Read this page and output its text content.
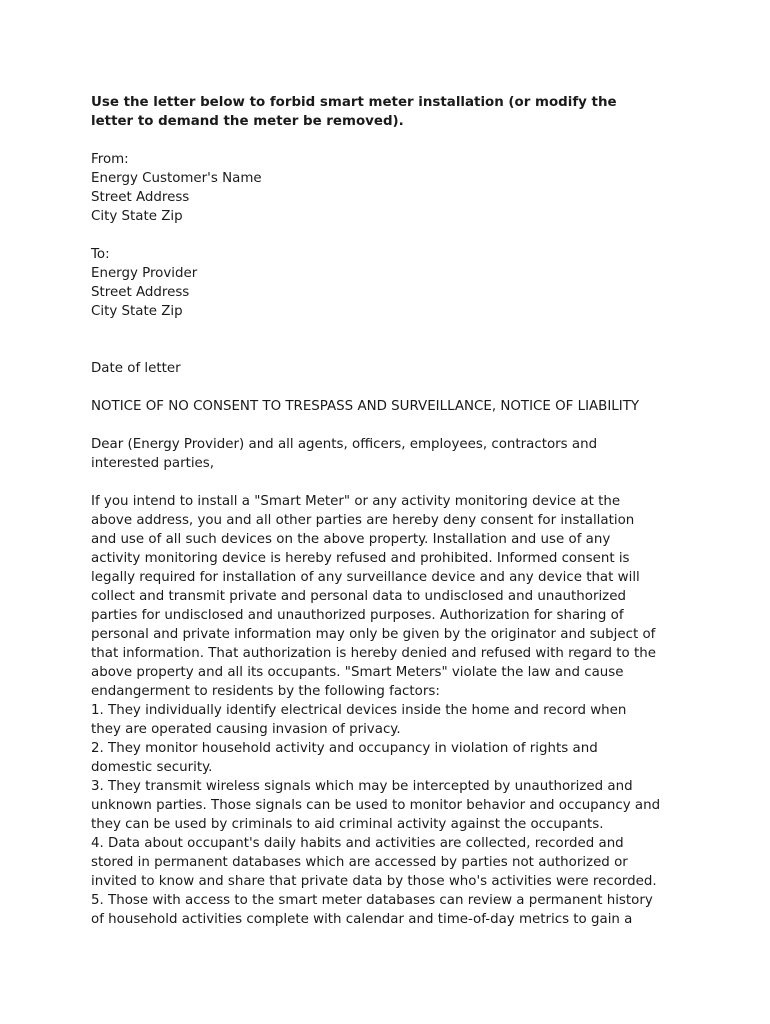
Use the letter below to forbid smart meter installation (or modify the
letter to demand the meter be removed).
From:
Energy Customer's Name
Street Address
City State Zip
To:
Energy Provider
Street Address
City State Zip
Date of letter
NOTICE OF NO CONSENT TO TRESPASS AND SURVEILLANCE, NOTICE OF LIABILITY
Dear (Energy Provider) and all agents, officers, employees, contractors and
interested parties,
If you intend to install a "Smart Meter" or any activity monitoring device at the
above address, you and all other parties are hereby deny consent for installation
and use of all such devices on the above property. Installation and use of any
activity monitoring device is hereby refused and prohibited. Informed consent is
legally required for installation of any surveillance device and any device that will
collect and transmit private and personal data to undisclosed and unauthorized
parties for undisclosed and unauthorized purposes. Authorization for sharing of
personal and private information may only be given by the originator and subject of
that information. That authorization is hereby denied and refused with regard to the
above property and all its occupants. "Smart Meters" violate the law and cause
endangerment to residents by the following factors:
1. They individually identify electrical devices inside the home and record when
they are operated causing invasion of privacy.
2. They monitor household activity and occupancy in violation of rights and
domestic security.
3. They transmit wireless signals which may be intercepted by unauthorized and
unknown parties. Those signals can be used to monitor behavior and occupancy and
they can be used by criminals to aid criminal activity against the occupants.
4. Data about occupant's daily habits and activities are collected, recorded and
stored in permanent databases which are accessed by parties not authorized or
invited to know and share that private data by those who's activities were recorded.
5. Those with access to the smart meter databases can review a permanent history
of household activities complete with calendar and time-of-day metrics to gain a
